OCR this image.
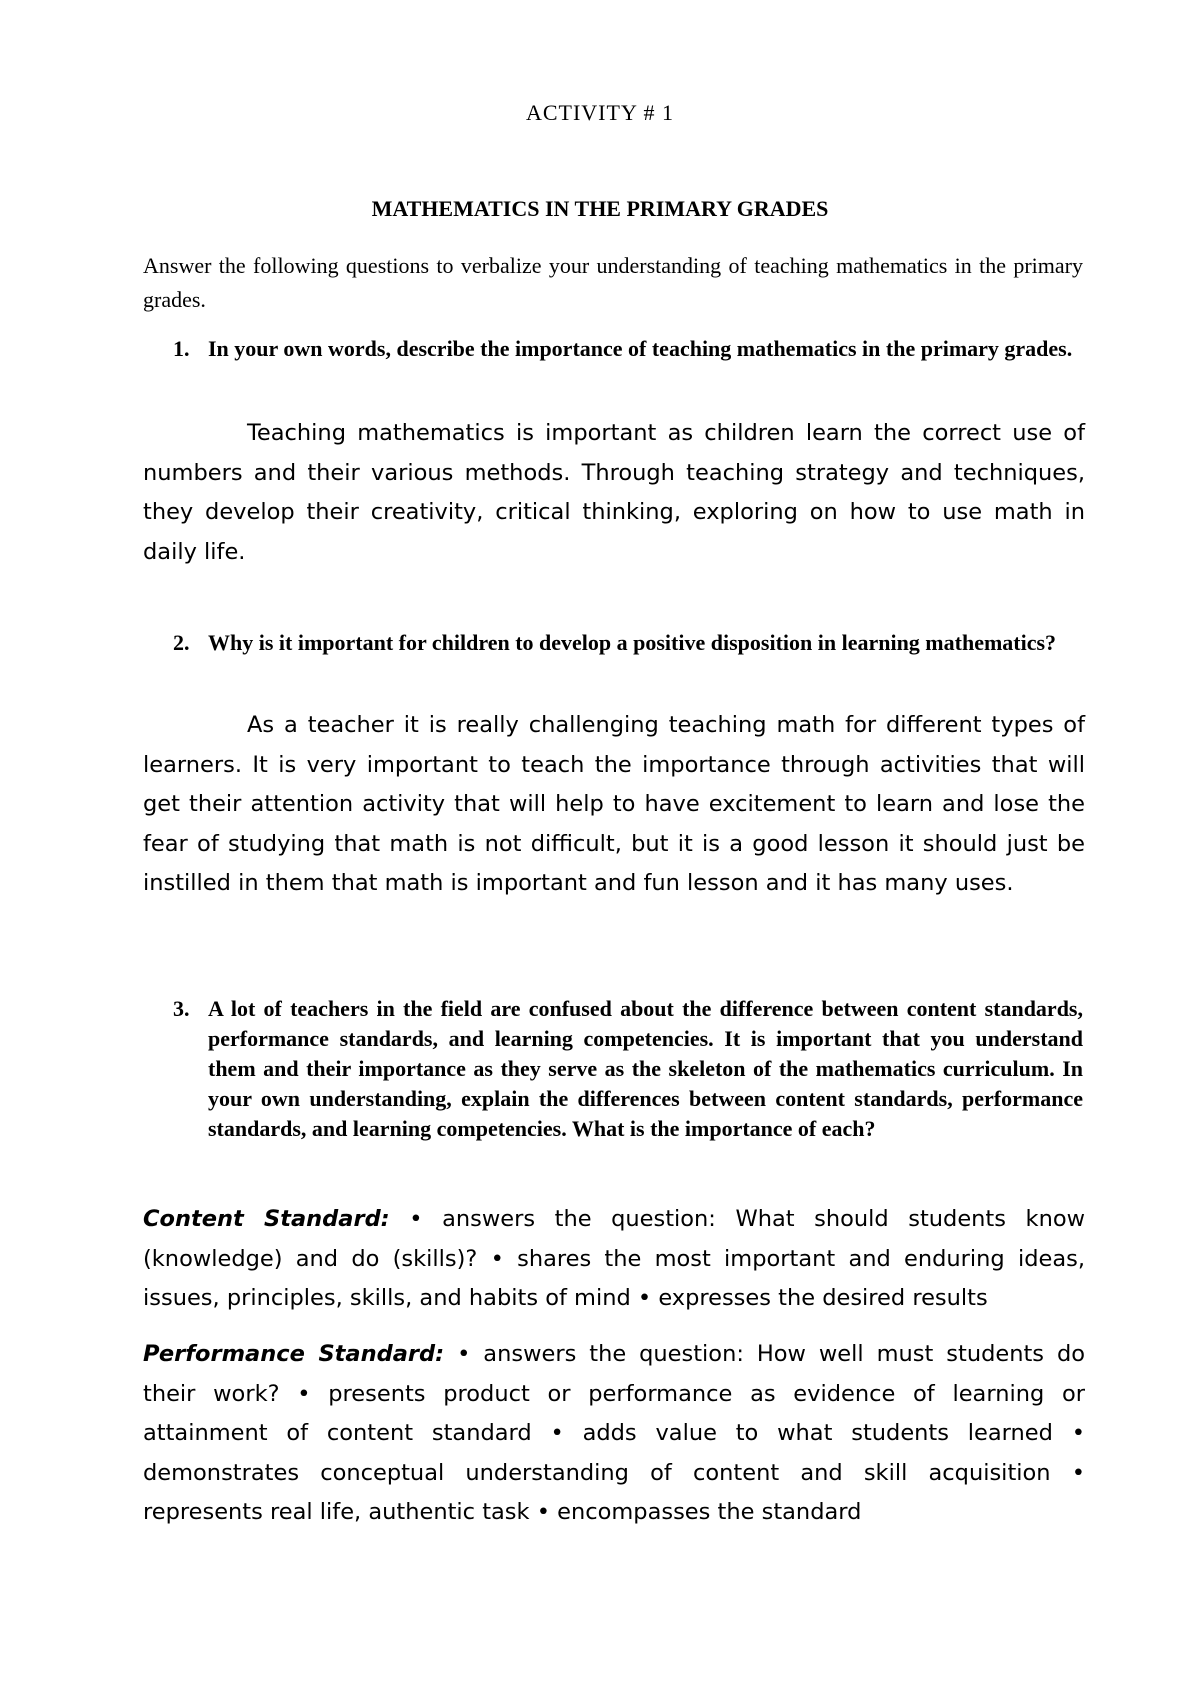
ACTIVITY # 1
MATHEMATICS IN THE PRIMARY GRADES
Answer the following questions to verbalize your understanding of teaching mathematics in the primary grades.
1. In your own words, describe the importance of teaching mathematics in the primary grades.
Teaching mathematics is important as children learn the correct use of numbers and their various methods. Through teaching strategy and techniques, they develop their creativity, critical thinking, exploring on how to use math in daily life.
2. Why is it important for children to develop a positive disposition in learning mathematics?
As a teacher it is really challenging teaching math for different types of learners. It is very important to teach the importance through activities that will get their attention activity that will help to have excitement to learn and lose the fear of studying that math is not difficult, but it is a good lesson it should just be instilled in them that math is important and fun lesson and it has many uses.
3. A lot of teachers in the field are confused about the difference between content standards, performance standards, and learning competencies. It is important that you understand them and their importance as they serve as the skeleton of the mathematics curriculum. In your own understanding, explain the differences between content standards, performance standards, and learning competencies. What is the importance of each?
Content Standard: • answers the question: What should students know (knowledge) and do (skills)? • shares the most important and enduring ideas, issues, principles, skills, and habits of mind • expresses the desired results
Performance Standard: • answers the question: How well must students do their work? • presents product or performance as evidence of learning or attainment of content standard • adds value to what students learned • demonstrates conceptual understanding of content and skill acquisition • represents real life, authentic task • encompasses the standard
